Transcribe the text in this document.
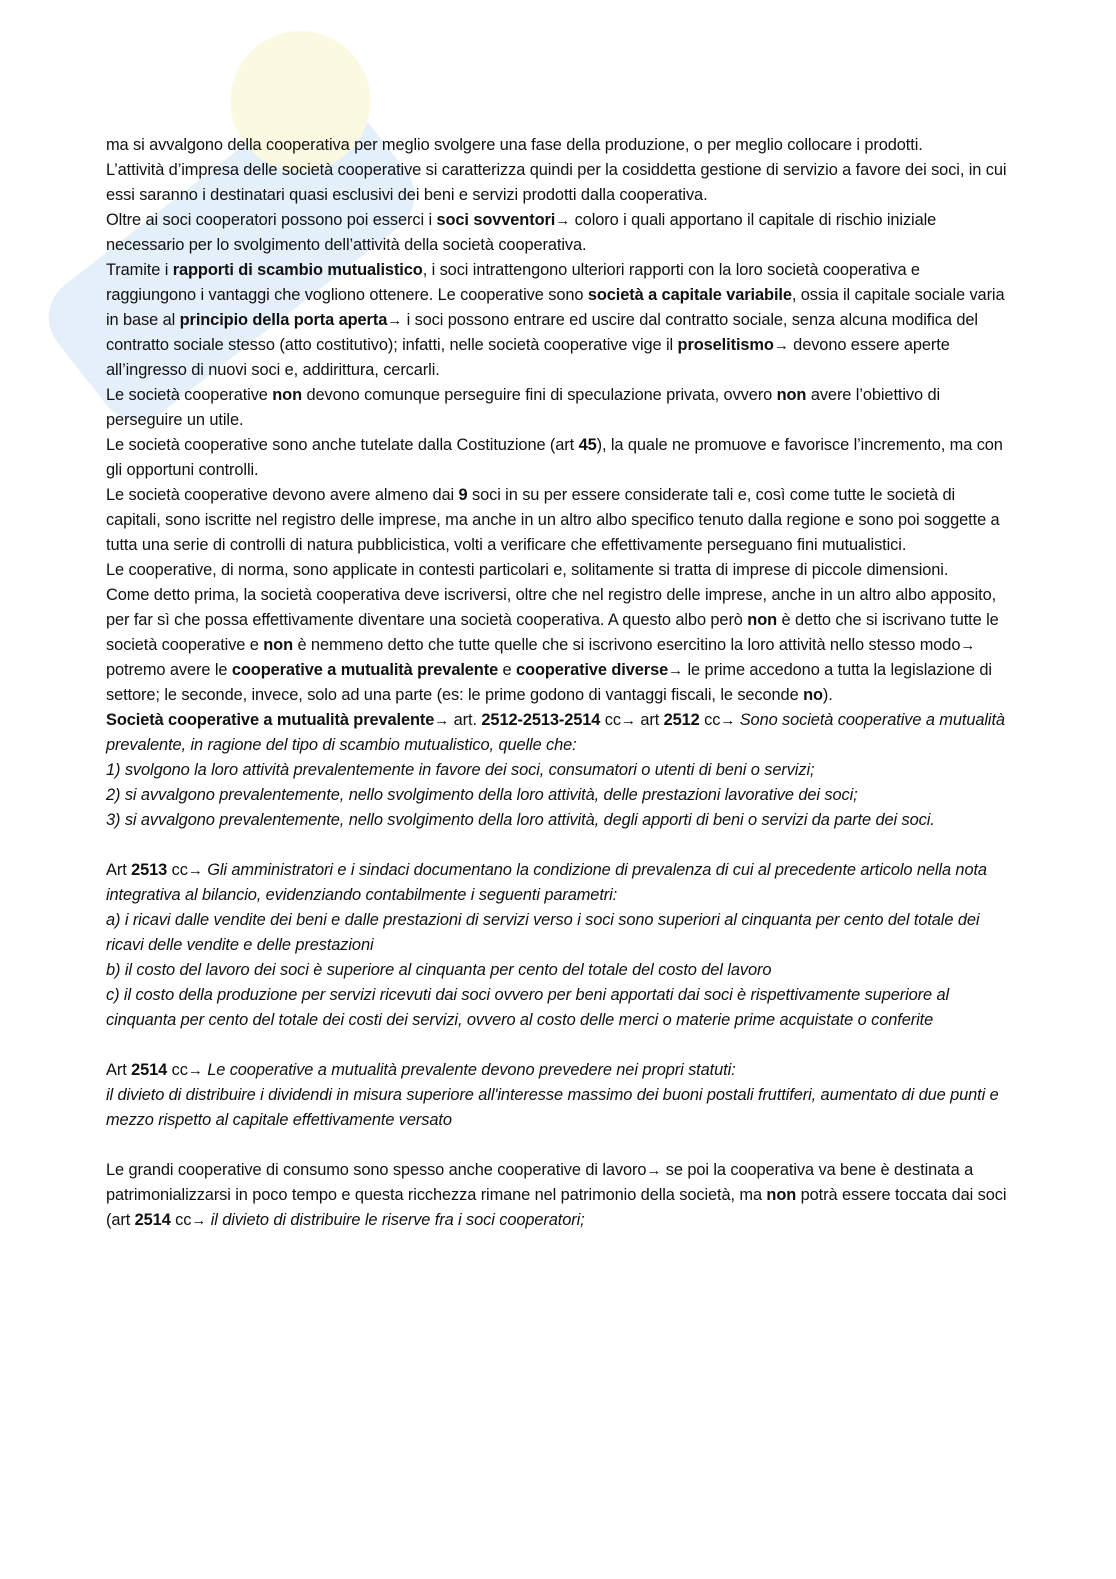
ma si avvalgono della cooperativa per meglio svolgere una fase della produzione, o per meglio collocare i prodotti.

L’attività d’impresa delle società cooperative si caratterizza quindi per la cosiddetta gestione di servizio a favore dei soci, in cui essi saranno i destinatari quasi esclusivi dei beni e servizi prodotti dalla cooperativa.

Oltre ai soci cooperatori possono poi esserci i soci sovventori→ coloro i quali apportano il capitale di rischio iniziale necessario per lo svolgimento dell’attività della società cooperativa.

Tramite i rapporti di scambio mutualistico, i soci intrattengono ulteriori rapporti con la loro società cooperativa e raggiungono i vantaggi che vogliono ottenere. Le cooperative sono società a capitale variabile, ossia il capitale sociale varia in base al principio della porta aperta→ i soci possono entrare ed uscire dal contratto sociale, senza alcuna modifica del contratto sociale stesso (atto costitutivo); infatti, nelle società cooperative vige il proselitismo→ devono essere aperte all’ingresso di nuovi soci e, addirittura, cercarli.

Le società cooperative non devono comunque perseguire fini di speculazione privata, ovvero non avere l’obiettivo di perseguire un utile.

Le società cooperative sono anche tutelate dalla Costituzione (art 45), la quale ne promuove e favorisce l’incremento, ma con gli opportuni controlli.

Le società cooperative devono avere almeno dai 9 soci in su per essere considerate tali e, così come tutte le società di capitali, sono iscritte nel registro delle imprese, ma anche in un altro albo specifico tenuto dalla regione e sono poi soggette a tutta una serie di controlli di natura pubblicistica, volti a verificare che effettivamente perseguano fini mutualistici.

Le cooperative, di norma, sono applicate in contesti particolari e, solitamente si tratta di imprese di piccole dimensioni.

Come detto prima, la società cooperativa deve iscriversi, oltre che nel registro delle imprese, anche in un altro albo apposito, per far sì che possa effettivamente diventare una società cooperativa. A questo albo però non è detto che si iscrivano tutte le società cooperative e non è nemmeno detto che tutte quelle che si iscrivono esercitino la loro attività nello stesso modo→ potremo avere le cooperative a mutualità prevalente e cooperative diverse→ le prime accedono a tutta la legislazione di settore; le seconde, invece, solo ad una parte (es: le prime godono di vantaggi fiscali, le seconde no).

Società cooperative a mutualità prevalente→ art. 2512-2513-2514 cc→ art 2512 cc→ Sono società cooperative a mutualità prevalente, in ragione del tipo di scambio mutualistico, quelle che:

1) svolgono la loro attività prevalentemente in favore dei soci, consumatori o utenti di beni o servizi;

2) si avvalgono prevalentemente, nello svolgimento della loro attività, delle prestazioni lavorative dei soci;

3) si avvalgono prevalentemente, nello svolgimento della loro attività, degli apporti di beni o servizi da parte dei soci.

Art 2513 cc→ Gli amministratori e i sindaci documentano la condizione di prevalenza di cui al precedente articolo nella nota integrativa al bilancio, evidenziando contabilmente i seguenti parametri:

a) i ricavi dalle vendite dei beni e dalle prestazioni di servizi verso i soci sono superiori al cinquanta per cento del totale dei ricavi delle vendite e delle prestazioni

b) il costo del lavoro dei soci è superiore al cinquanta per cento del totale del costo del lavoro

c) il costo della produzione per servizi ricevuti dai soci ovvero per beni apportati dai soci è rispettivamente superiore al cinquanta per cento del totale dei costi dei servizi, ovvero al costo delle merci o materie prime acquistate o conferite

Art 2514 cc→ Le cooperative a mutualità prevalente devono prevedere nei propri statuti:

il divieto di distribuire i dividendi in misura superiore all'interesse massimo dei buoni postali fruttiferi, aumentato di due punti e mezzo rispetto al capitale effettivamente versato

Le grandi cooperative di consumo sono spesso anche cooperative di lavoro→ se poi la cooperativa va bene è destinata a patrimonializzarsi in poco tempo e questa ricchezza rimane nel patrimonio della società, ma non potrà essere toccata dai soci (art 2514 cc→ il divieto di distribuire le riserve fra i soci cooperatori;
